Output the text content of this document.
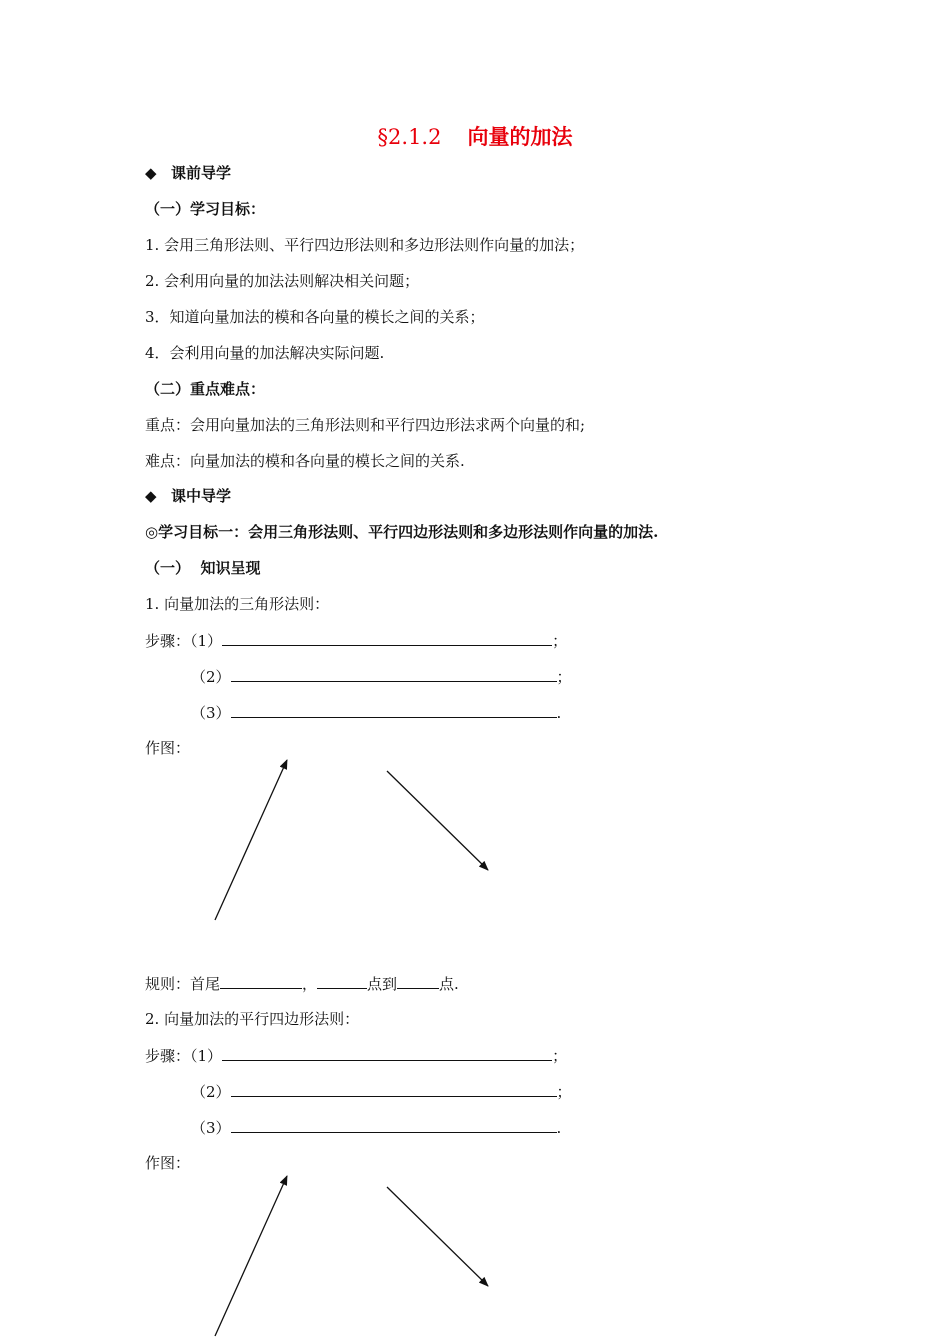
§2.1.2 向量的加法
◆ 课前导学
（一）学习目标：
1. 会用三角形法则、平行四边形法则和多边形法则作向量的加法；
2. 会利用向量的加法法则解决相关问题；
3．知道向量加法的模和各向量的模长之间的关系；
4．会利用向量的加法解决实际问题.
（二）重点难点：
重点：会用向量加法的三角形法则和平行四边形法求两个向量的和;
难点：向量加法的模和各向量的模长之间的关系.
◆ 课中导学
◎学习目标一：会用三角形法则、平行四边形法则和多边形法则作向量的加法.
（一） 知识呈现
1. 向量加法的三角形法则：
步骤：（1）	；
（2）	；
（3）	.
作图：
规则：首尾	，	点到	点.
2. 向量加法的平行四边形法则：
步骤：（1）	；
（2）	；
（3）	.
作图：
